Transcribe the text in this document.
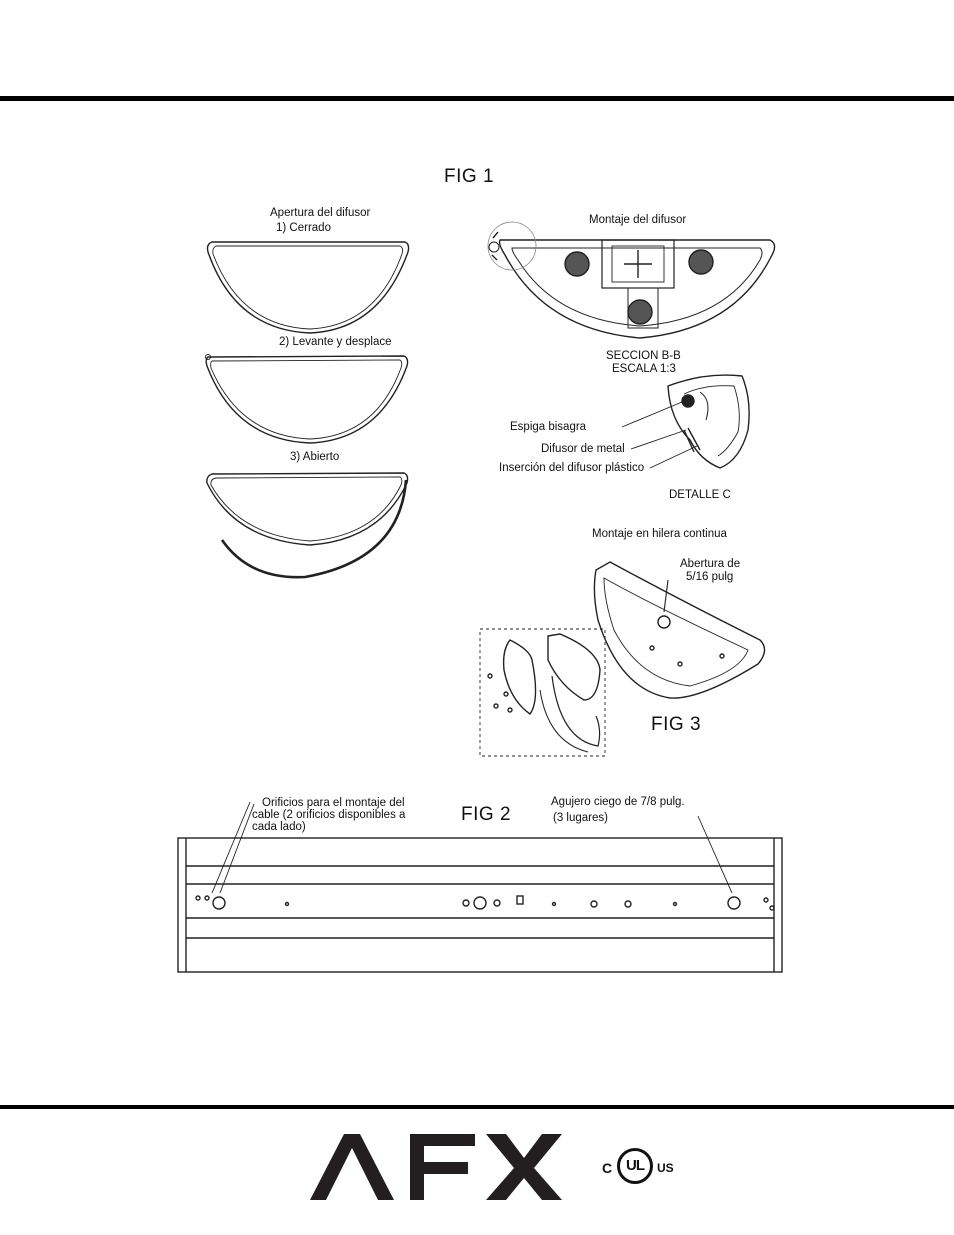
FIG 1
Apertura del difusor
1) Cerrado
2) Levante y desplace
3) Abierto
Montaje del difusor
SECCION B-B
ESCALA 1:3
Espiga bisagra
Difusor de metal
Inserción del difusor plástico
DETALLE C
Montaje en hilera continua
Abertura de
5/16 pulg
FIG 3
Orificios para el montaje del
cable (2 orificios disponibles a
cada lado)
FIG 2
Agujero ciego de 7/8 pulg.
(3 lugares)
C UL	US
